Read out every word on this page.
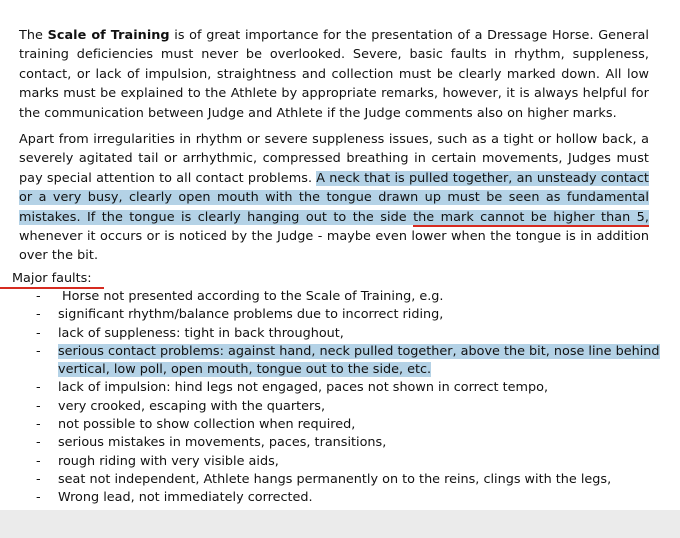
The Scale of Training is of great importance for the presentation of a Dressage Horse. General training deficiencies must never be overlooked. Severe, basic faults in rhythm, suppleness, contact, or lack of impulsion, straightness and collection must be clearly marked down. All low marks must be explained to the Athlete by appropriate remarks, however, it is always helpful for the communication between Judge and Athlete if the Judge comments also on higher marks.

Apart from irregularities in rhythm or severe suppleness issues, such as a tight or hollow back, a severely agitated tail or arrhythmic, compressed breathing in certain movements, Judges must pay special attention to all contact problems. A neck that is pulled together, an unsteady contact or a very busy, clearly open mouth with the tongue drawn up must be seen as fundamental mistakes. If the tongue is clearly hanging out to the side the mark cannot be higher than 5, whenever it occurs or is noticed by the Judge - maybe even lower when the tongue is in addition over the bit.

Major faults:
- Horse not presented according to the Scale of Training, e.g.
- significant rhythm/balance problems due to incorrect riding,
- lack of suppleness: tight in back throughout,
- serious contact problems: against hand, neck pulled together, above the bit, nose line behind vertical, low poll, open mouth, tongue out to the side, etc.
- lack of impulsion: hind legs not engaged, paces not shown in correct tempo,
- very crooked, escaping with the quarters,
- not possible to show collection when required,
- serious mistakes in movements, paces, transitions,
- rough riding with very visible aids,
- seat not independent, Athlete hangs permanently on to the reins, clings with the legs,
- Wrong lead, not immediately corrected.
